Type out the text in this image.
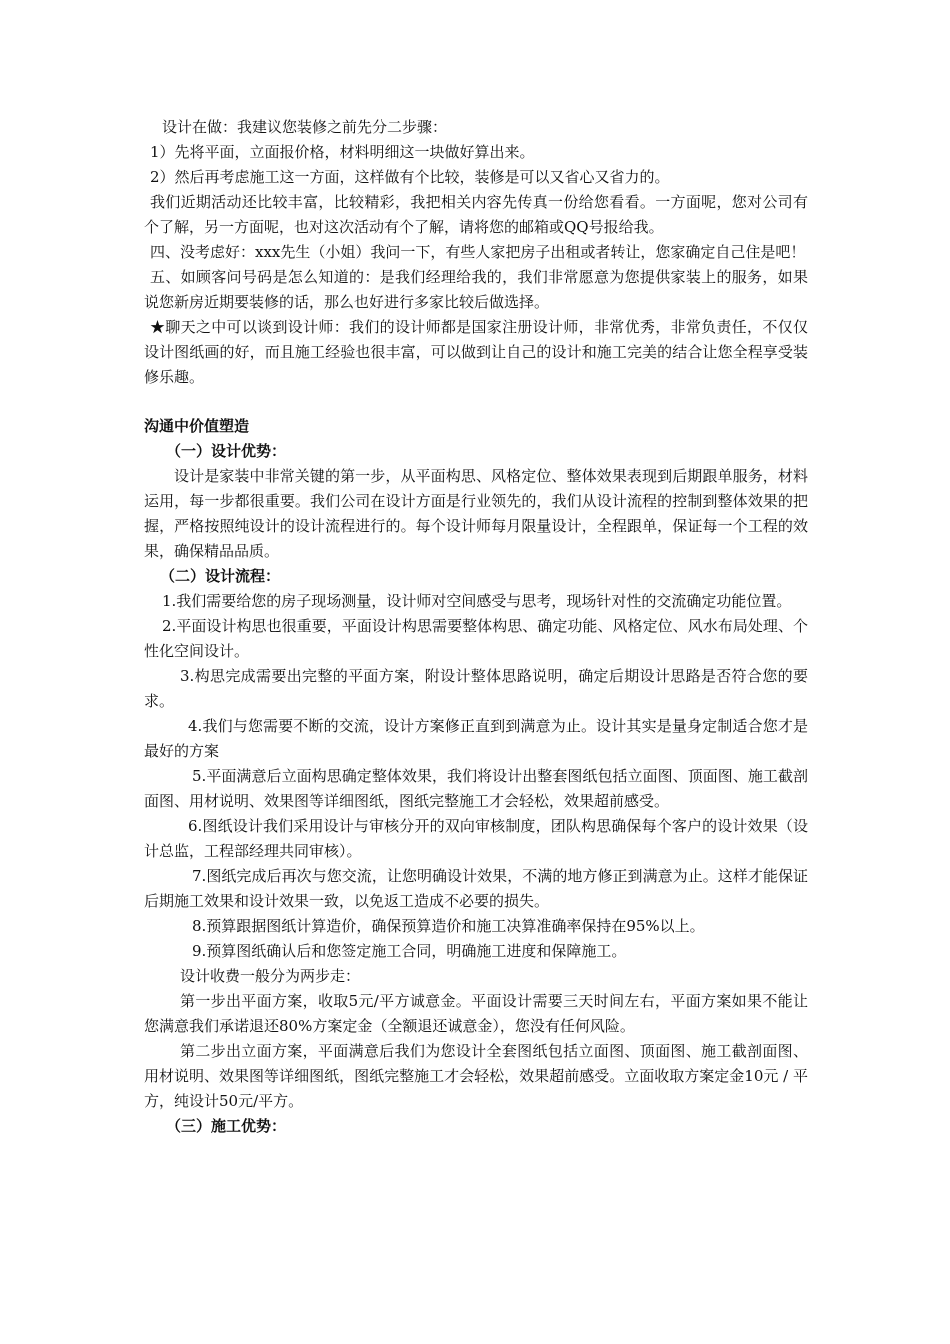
设计在做：我建议您装修之前先分二步骤：

1）先将平面，立面报价格，材料明细这一块做好算出来。

2）然后再考虑施工这一方面，这样做有个比较，装修是可以又省心又省力的。

我们近期活动还比较丰富，比较精彩，我把相关内容先传真一份给您看看。一方面呢，您对公司有个了解，另一方面呢，也对这次活动有个了解，请将您的邮箱或QQ号报给我。

四、没考虑好：xxx先生（小姐）我问一下，有些人家把房子出租或者转让，您家确定自己住是吧！

五、如顾客问号码是怎么知道的：是我们经理给我的，我们非常愿意为您提供家装上的服务，如果说您新房近期要装修的话，那么也好进行多家比较后做选择。

★聊天之中可以谈到设计师：我们的设计师都是国家注册设计师，非常优秀，非常负责任，不仅仅设计图纸画的好，而且施工经验也很丰富，可以做到让自己的设计和施工完美的结合让您全程享受装修乐趣。

沟通中价值塑造

（一）设计优势：

设计是家装中非常关键的第一步，从平面构思、风格定位、整体效果表现到后期跟单服务，材料运用，每一步都很重要。我们公司在设计方面是行业领先的，我们从设计流程的控制到整体效果的把握，严格按照纯设计的设计流程进行的。每个设计师每月限量设计，全程跟单，保证每一个工程的效果，确保精品品质。

（二）设计流程：

1.我们需要给您的房子现场测量，设计师对空间感受与思考，现场针对性的交流确定功能位置。

2.平面设计构思也很重要，平面设计构思需要整体构思、确定功能、风格定位、风水布局处理、个性化空间设计。

3.构思完成需要出完整的平面方案，附设计整体思路说明，确定后期设计思路是否符合您的要求。

4.我们与您需要不断的交流，设计方案修正直到到满意为止。设计其实是量身定制适合您才是最好的方案

5.平面满意后立面构思确定整体效果，我们将设计出整套图纸包括立面图、顶面图、施工截剖面图、用材说明、效果图等详细图纸，图纸完整施工才会轻松，效果超前感受。

6.图纸设计我们采用设计与审核分开的双向审核制度，团队构思确保每个客户的设计效果（设计总监，工程部经理共同审核）。

7.图纸完成后再次与您交流，让您明确设计效果，不满的地方修正到满意为止。这样才能保证后期施工效果和设计效果一致，以免返工造成不必要的损失。

8.预算跟据图纸计算造价，确保预算造价和施工决算准确率保持在95%以上。

9.预算图纸确认后和您签定施工合同，明确施工进度和保障施工。

设计收费一般分为两步走：

第一步出平面方案，收取5元/平方诚意金。平面设计需要三天时间左右，平面方案如果不能让您满意我们承诺退还80%方案定金（全额退还诚意金），您没有任何风险。

第二步出立面方案，平面满意后我们为您设计全套图纸包括立面图、顶面图、施工截剖面图、用材说明、效果图等详细图纸，图纸完整施工才会轻松，效果超前感受。立面收取方案定金10元 / 平方，纯设计50元/平方。

（三）施工优势：
